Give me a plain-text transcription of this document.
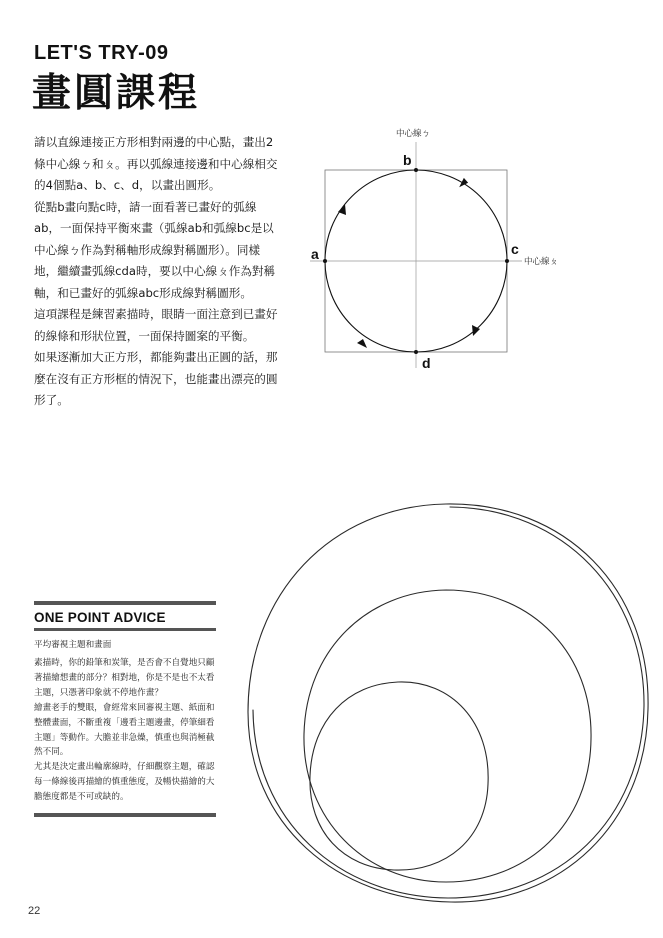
LET'S TRY-09
畫圓課程

請以直線連接正方形相對兩邊的中心點，畫出2條中心線ㄅ和ㄆ。再以弧線連接邊和中心線相交的4個點a、b、c、d，以畫出圓形。

從點b畫向點c時，請一面看著已畫好的弧線ab，一面保持平衡來畫（弧線ab和弧線bc是以中心線ㄅ作為對稱軸形成線對稱圖形）。同樣地，繼續畫弧線cda時，要以中心線ㄆ作為對稱軸，和已畫好的弧線abc形成線對稱圖形。

這項課程是練習素描時，眼睛一面注意到已畫好的線條和形狀位置，一面保持圖案的平衡。

如果逐漸加大正方形，都能夠畫出正圓的話，那麼在沒有正方形框的情況下，也能畫出漂亮的圓形了。

中心線ㄅ
中心線ㄆ
b
a	c
d
ONE POINT ADVICE
平均審視主題和畫面

素描時，你的鉛筆和炭筆，是否會不自覺地只顧著描繪想畫的部分？相對地，你是不是也不太看主題，只憑著印象就不停地作畫？

繪畫老手的雙眼，會經常來回審視主題、紙面和整體畫面，不斷重複「邊看主題邊畫，停筆細看主題」等動作。大膽並非急燥，慎重也與消極截然不同。

尤其是決定畫出輪廓線時，仔細觀察主題，確認每一條線後再描繪的慎重態度，及暢快描繪的大膽態度都是不可或缺的。

22
